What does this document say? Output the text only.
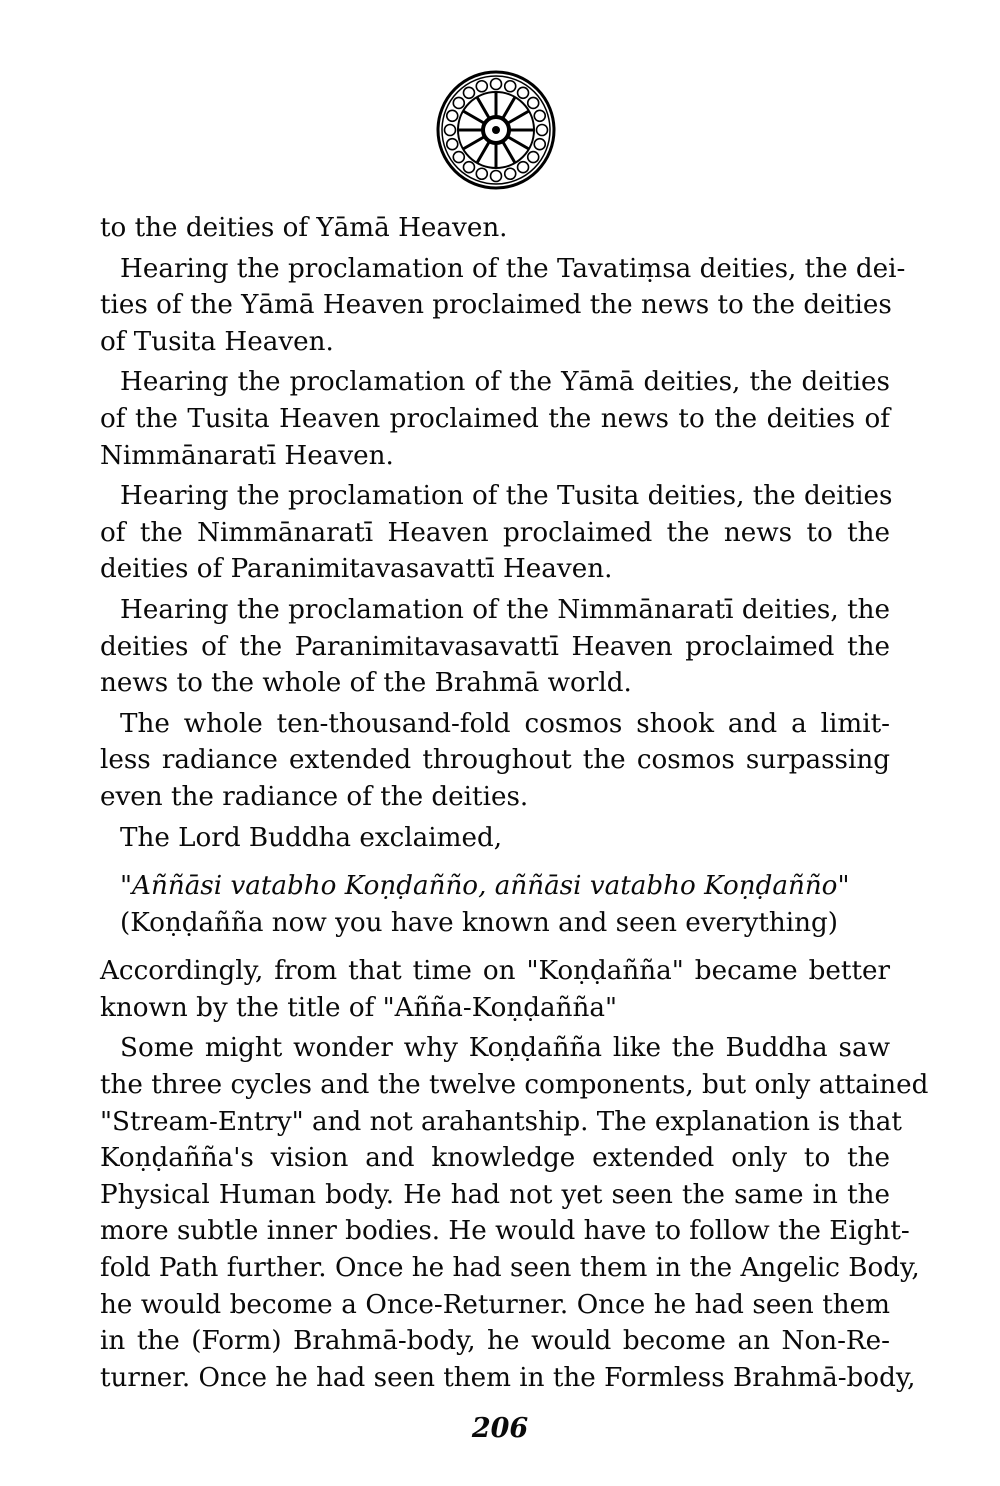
to the deities of Yāmā Heaven.
Hearing the proclamation of the Tavatiṃsa deities, the dei-
ties of the Yāmā Heaven proclaimed the news to the deities
of Tusita Heaven.
Hearing the proclamation of the Yāmā deities, the deities
of the Tusita Heaven proclaimed the news to the deities of
Nimmānaratī Heaven.
Hearing the proclamation of the Tusita deities, the deities
of the Nimmānaratī Heaven proclaimed the news to the
deities of Paranimitavasavattī Heaven.
Hearing the proclamation of the Nimmānaratī deities, the
deities of the Paranimitavasavattī Heaven proclaimed the
news to the whole of the Brahmā world.
The whole ten-thousand-fold cosmos shook and a limit-
less radiance extended throughout the cosmos surpassing
even the radiance of the deities.
The Lord Buddha exclaimed,
"Aññāsi vatabho Koṇḍañño, aññāsi vatabho Koṇḍañño"
(Koṇḍañña now you have known and seen everything)
Accordingly, from that time on "Koṇḍañña" became better
known by the title of "Añña-Koṇḍañña"
Some might wonder why Koṇḍañña like the Buddha saw
the three cycles and the twelve components, but only attained
"Stream-Entry" and not arahantship. The explanation is that
Koṇḍañña's vision and knowledge extended only to the
Physical Human body. He had not yet seen the same in the
more subtle inner bodies. He would have to follow the Eight-
fold Path further. Once he had seen them in the Angelic Body,
he would become a Once-Returner. Once he had seen them
in the (Form) Brahmā-body, he would become an Non-Re-
turner. Once he had seen them in the Formless Brahmā-body,
206
